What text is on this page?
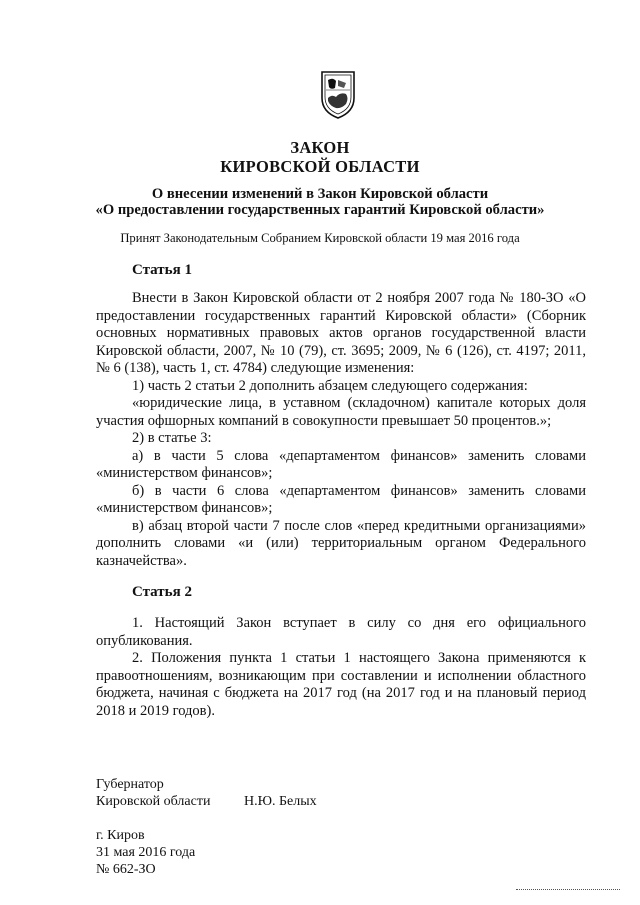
ЗАКОН
КИРОВСКОЙ ОБЛАСТИ
О внесении изменений в Закон Кировской области
«О предоставлении государственных гарантий Кировской области»
Принят Законодательным Собранием Кировской области 19 мая 2016 года
Статья 1

Внести в Закон Кировской области от 2 ноября 2007 года № 180-ЗО «О предоставлении государственных гарантий Кировской области» (Сборник основных нормативных правовых актов органов государственной власти Кировской области, 2007, № 10 (79), ст. 3695; 2009, № 6 (126), ст. 4197; 2011, № 6 (138), часть 1, ст. 4784) следующие изменения:

1) часть 2 статьи 2 дополнить абзацем следующего содержания:

«юридические лица, в уставном (складочном) капитале которых доля участия офшорных компаний в совокупности превышает 50 процентов.»;

2) в статье 3:

а) в части 5 слова «департаментом финансов» заменить словами «министерством финансов»;

б) в части 6 слова «департаментом финансов» заменить словами «министерством финансов»;

в) абзац второй части 7 после слов «перед кредитными организациями» дополнить словами «и (или) территориальным органом Федерального казначейства».

Статья 2

1. Настоящий Закон вступает в силу со дня его официального опубликования.

2. Положения пункта 1 статьи 1 настоящего Закона применяются к правоотношениям, возникающим при составлении и исполнении областного бюджета, начиная с бюджета на 2017 год (на 2017 год и на плановый период 2018 и 2019 годов).

Губернатор
Кировской области Н.Ю. Белых
г. Киров
31 мая 2016 года
№ 662-ЗО
